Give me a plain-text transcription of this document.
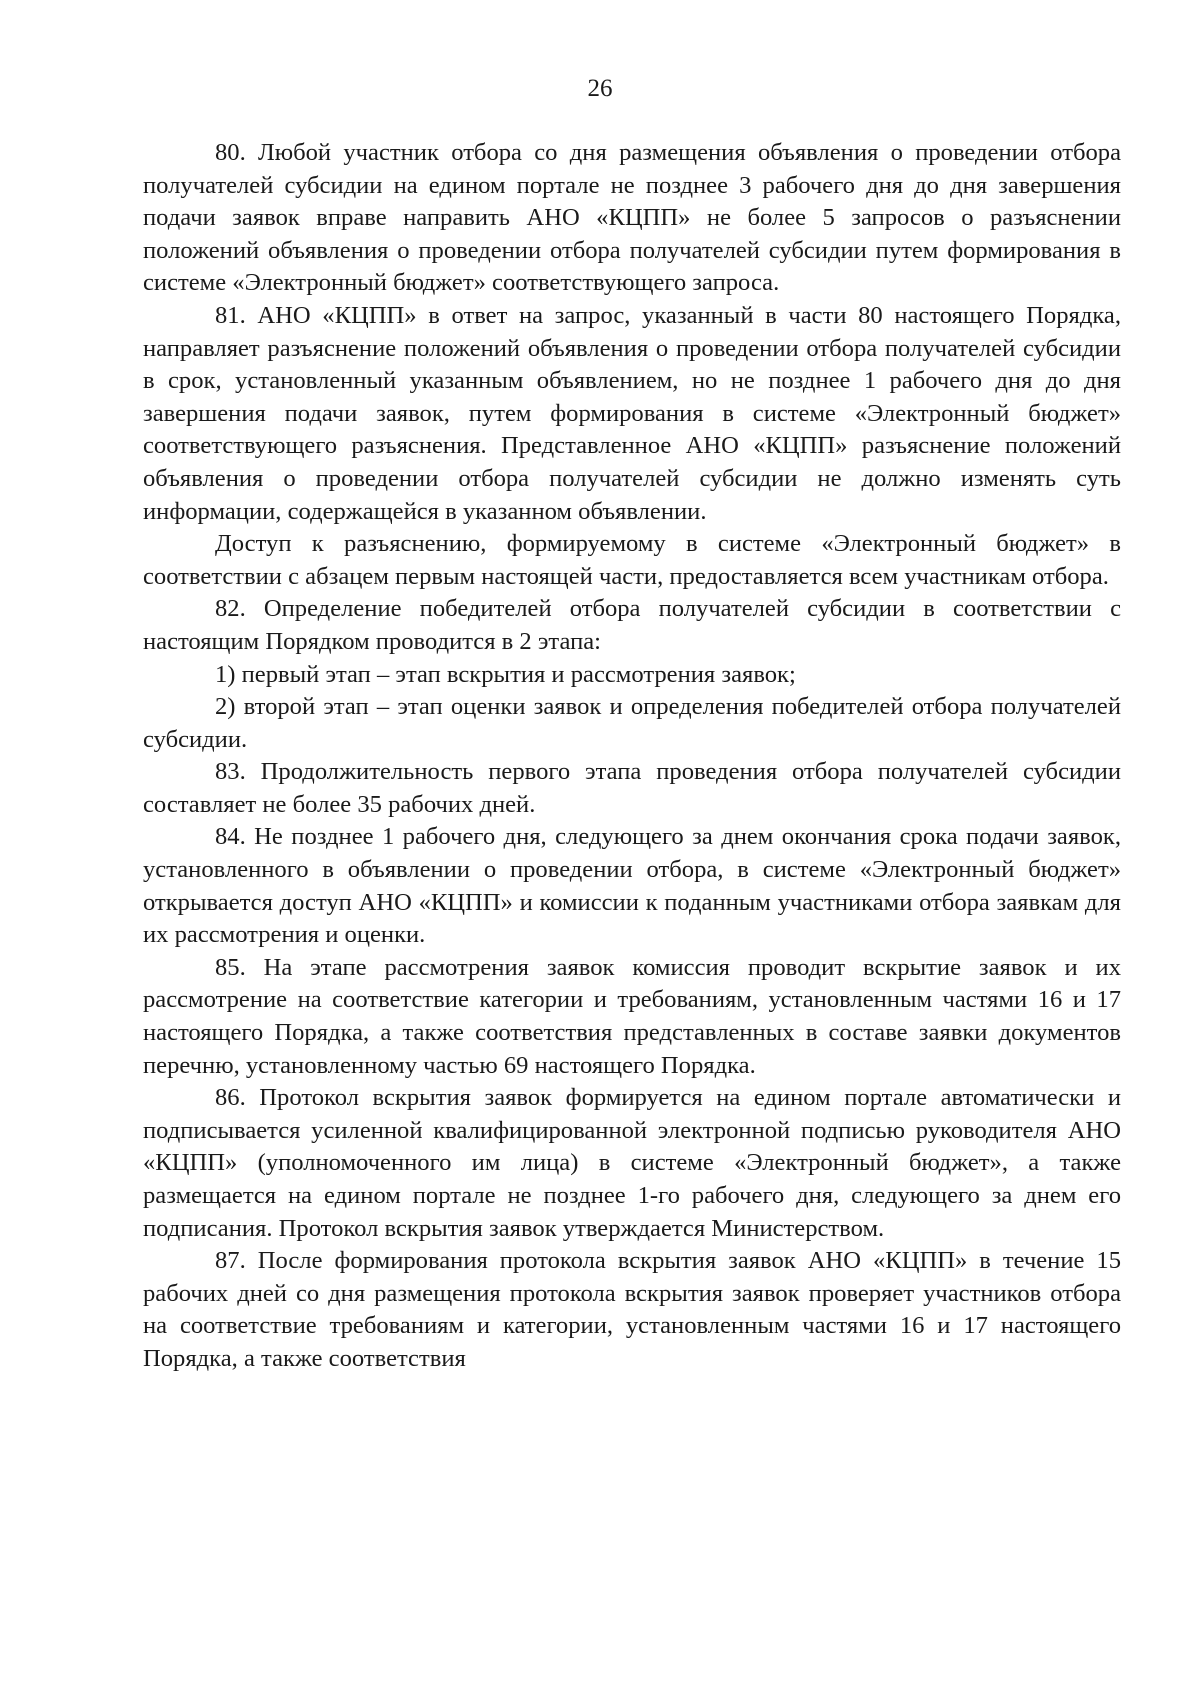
26

80. Любой участник отбора со дня размещения объявления о проведении отбора получателей субсидии на едином портале не позднее 3 рабочего дня до дня завершения подачи заявок вправе направить АНО «КЦПП» не более 5 запросов о разъяснении положений объявления о проведении отбора получателей субсидии путем формирования в системе «Электронный бюджет» соответствующего запроса.

81. АНО «КЦПП» в ответ на запрос, указанный в части 80 настоящего Порядка, направляет разъяснение положений объявления о проведении отбора получателей субсидии в срок, установленный указанным объявлением, но не позднее 1 рабочего дня до дня завершения подачи заявок, путем формирования в системе «Электронный бюджет» соответствующего разъяснения. Представленное АНО «КЦПП» разъяснение положений объявления о проведении отбора получателей субсидии не должно изменять суть информации, содержащейся в указанном объявлении.

Доступ к разъяснению, формируемому в системе «Электронный бюджет» в соответствии с абзацем первым настоящей части, предоставляется всем участникам отбора.

82. Определение победителей отбора получателей субсидии в соответствии с настоящим Порядком проводится в 2 этапа:

1) первый этап – этап вскрытия и рассмотрения заявок;

2) второй этап – этап оценки заявок и определения победителей отбора получателей субсидии.

83. Продолжительность первого этапа проведения отбора получателей субсидии составляет не более 35 рабочих дней.

84. Не позднее 1 рабочего дня, следующего за днем окончания срока подачи заявок, установленного в объявлении о проведении отбора, в системе «Электронный бюджет» открывается доступ АНО «КЦПП» и комиссии к поданным участниками отбора заявкам для их рассмотрения и оценки.

85. На этапе рассмотрения заявок комиссия проводит вскрытие заявок и их рассмотрение на соответствие категории и требованиям, установленным частями 16 и 17 настоящего Порядка, а также соответствия представленных в составе заявки документов перечню, установленному частью 69 настоящего Порядка.

86. Протокол вскрытия заявок формируется на едином портале автоматически и подписывается усиленной квалифицированной электронной подписью руководителя АНО «КЦПП» (уполномоченного им лица) в системе «Электронный бюджет», а также размещается на едином портале не позднее 1-го рабочего дня, следующего за днем его подписания. Протокол вскрытия заявок утверждается Министерством.

87. После формирования протокола вскрытия заявок АНО «КЦПП» в течение 15 рабочих дней со дня размещения протокола вскрытия заявок проверяет участников отбора на соответствие требованиям и категории, установленным частями 16 и 17 настоящего Порядка, а также соответствия
